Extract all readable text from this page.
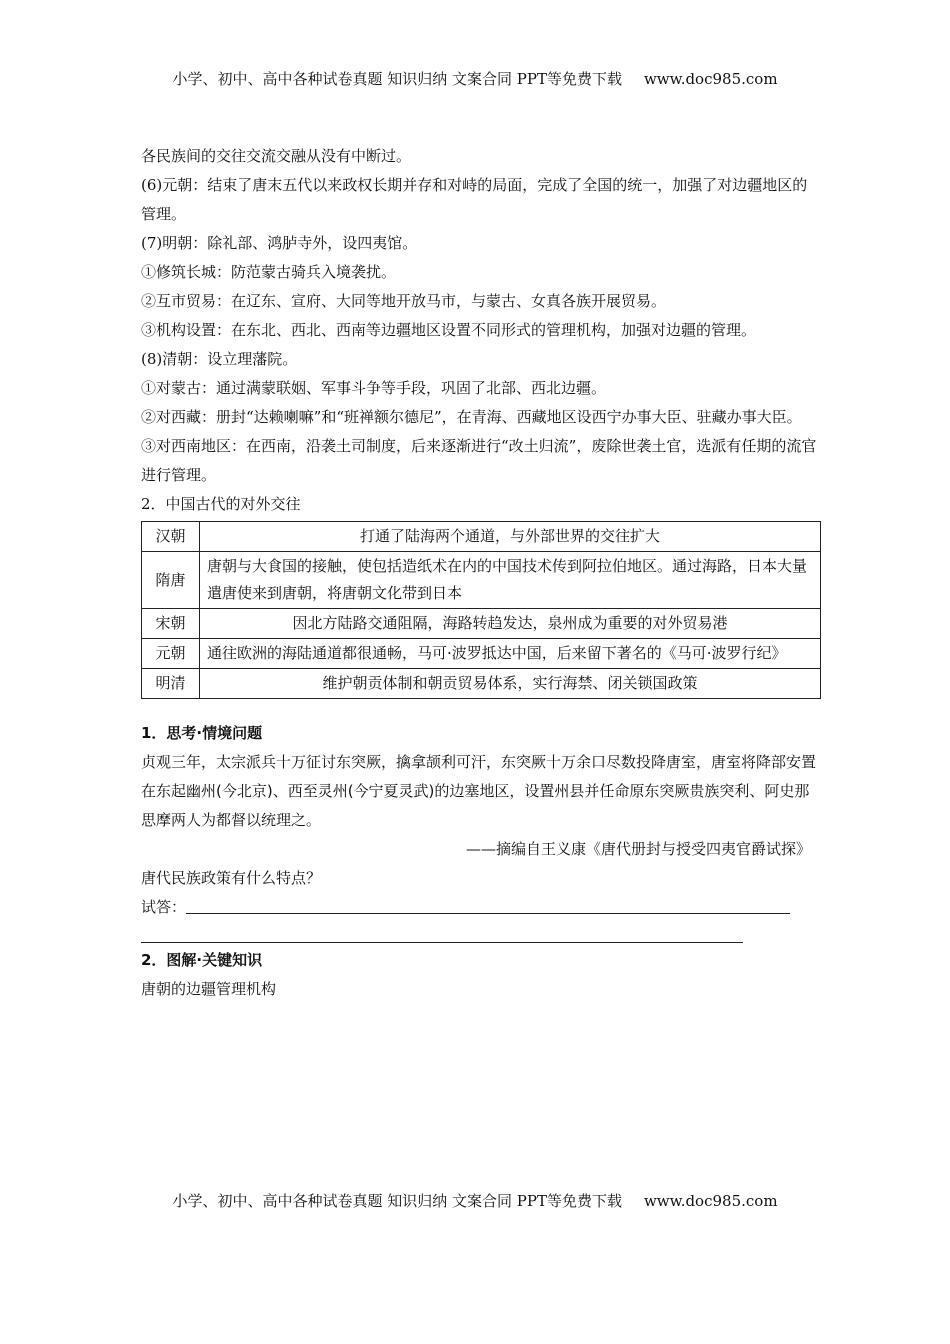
小学、初中、高中各种试卷真题 知识归纳 文案合同 PPT等免费下载 www.doc985.com
各民族间的交往交流交融从没有中断过。
(6)元朝：结束了唐末五代以来政权长期并存和对峙的局面，完成了全国的统一，加强了对边疆地区的管理。
(7)明朝：除礼部、鸿胪寺外，设四夷馆。
①修筑长城：防范蒙古骑兵入境袭扰。
②互市贸易：在辽东、宣府、大同等地开放马市，与蒙古、女真各族开展贸易。
③机构设置：在东北、西北、西南等边疆地区设置不同形式的管理机构，加强对边疆的管理。
(8)清朝：设立理藩院。
①对蒙古：通过满蒙联姻、军事斗争等手段，巩固了北部、西北边疆。
②对西藏：册封“达赖喇嘛”和“班禅额尔德尼”，在青海、西藏地区设西宁办事大臣、驻藏办事大臣。
③对西南地区：在西南，沿袭土司制度，后来逐渐进行“改土归流”，废除世袭土官，选派有任期的流官进行管理。
2．中国古代的对外交往
汉朝	打通了陆海两个通道，与外部世界的交往扩大
隋唐	唐朝与大食国的接触，使包括造纸术在内的中国技术传到阿拉伯地区。通过海路，日本大量遣唐使来到唐朝，将唐朝文化带到日本
宋朝	因北方陆路交通阻隔，海路转趋发达，泉州成为重要的对外贸易港
元朝	通往欧洲的海陆通道都很通畅，马可·波罗抵达中国，后来留下著名的《马可·波罗行纪》
明清	维护朝贡体制和朝贡贸易体系，实行海禁、闭关锁国政策
1．思考·情境问题
贞观三年，太宗派兵十万征讨东突厥，擒拿颉利可汗，东突厥十万余口尽数投降唐室，唐室将降部安置在东起幽州(今北京)、西至灵州(今宁夏灵武)的边塞地区，设置州县并任命原东突厥贵族突利、阿史那思摩两人为都督以统理之。
——摘编自王义康《唐代册封与授受四夷官爵试探》
唐代民族政策有什么特点？
试答：
2．图解·关键知识
唐朝的边疆管理机构
小学、初中、高中各种试卷真题 知识归纳 文案合同 PPT等免费下载 www.doc985.com
